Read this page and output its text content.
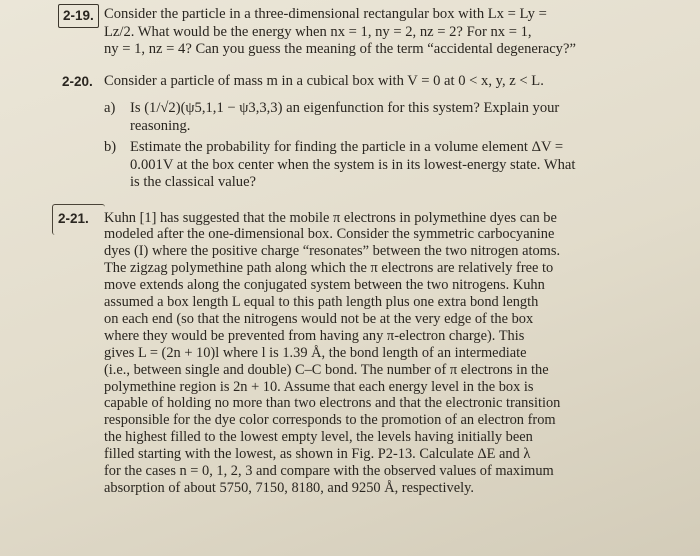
2-19. Consider the particle in a three-dimensional rectangular box with Lx = Ly =
Lz/2. What would be the energy when nx = 1, ny = 2, nz = 2? For nx = 1,
ny = 1, nz = 4? Can you guess the meaning of the term “accidental degeneracy?”
2-20. Consider a particle of mass m in a cubical box with V = 0 at 0 < x, y, z < L.
a)	Is (1/√2)(ψ5,1,1 − ψ3,3,3) an eigenfunction for this system? Explain your
reasoning.
b) Estimate the probability for finding the particle in a volume element ΔV =
0.001V at the box center when the system is in its lowest-energy state. What
is the classical value?
2-21. Kuhn [1] has suggested that the mobile π electrons in polymethine dyes can be
modeled after the one-dimensional box. Consider the symmetric carbocyanine
dyes (I) where the positive charge “resonates” between the two nitrogen atoms.
The zigzag polymethine path along which the π electrons are relatively free to
move extends along the conjugated system between the two nitrogens. Kuhn
assumed a box length L equal to this path length plus one extra bond length
on each end (so that the nitrogens would not be at the very edge of the box
where they would be prevented from having any π-electron charge). This
gives L = (2n + 10)l where l is 1.39 Å, the bond length of an intermediate
(i.e., between single and double) C–C bond. The number of π electrons in the
polymethine region is 2n + 10. Assume that each energy level in the box is
capable of holding no more than two electrons and that the electronic transition
responsible for the dye color corresponds to the promotion of an electron from
the highest filled to the lowest empty level, the levels having initially been
filled starting with the lowest, as shown in Fig. P2-13. Calculate ΔE and λ
for the cases n = 0, 1, 2, 3 and compare with the observed values of maximum
absorption of about 5750, 7150, 8180, and 9250 Å, respectively.
